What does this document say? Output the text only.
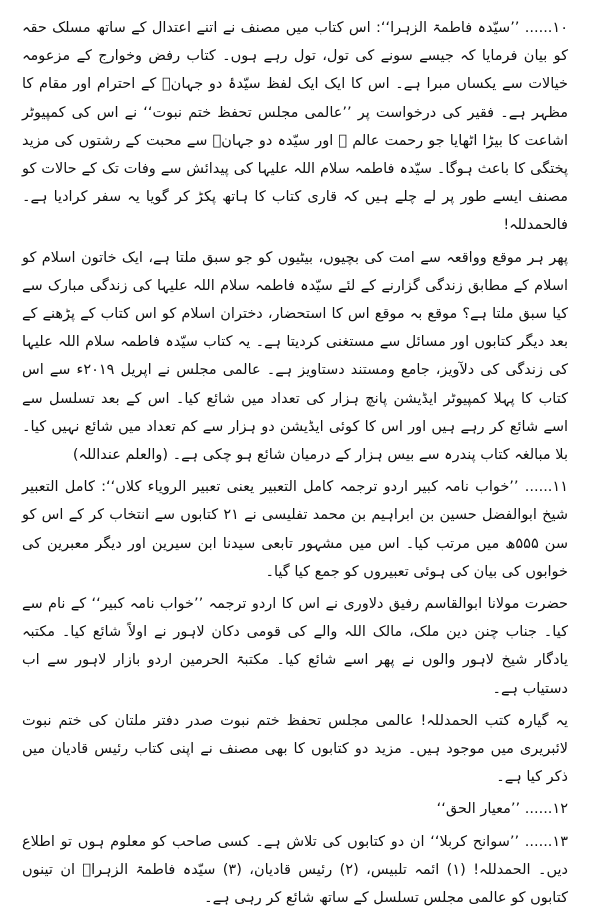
۱۰...... ’’سیّدہ فاطمۃ الزہرا‘‘: اس کتاب میں مصنف نے اتنے اعتدال کے ساتھ مسلک حقہ کو بیان فرمایا کہ جیسے سونے کی تول، تول رہے ہوں۔ کتاب رفض وخوارج کے مزعومہ خیالات سے یکساں مبرا ہے۔ اس کا ایک ایک لفظ سیّدۂ دو جہانؓ کے احترام اور مقام کا مظہر ہے۔ فقیر کی درخواست پر ’’عالمی مجلس تحفظ ختم نبوت‘‘ نے اس کی کمپیوٹر اشاعت کا بیڑا اٹھایا جو رحمت عالم ﷺ اور سیّدہ دو جہانؓ سے محبت کے رشتوں کی مزید پختگی کا باعث ہوگا۔ سیّدہ فاطمہ سلام اللہ علیہا کی پیدائش سے وفات تک کے حالات کو مصنف ایسے طور پر لے چلے ہیں کہ قاری کتاب کا ہاتھ پکڑ کر گویا یہ سفر کرادیا ہے۔ فالحمدللہ!

پھر ہر موقع وواقعہ سے امت کی بچیوں، بیٹیوں کو جو سبق ملتا ہے، ایک خاتون اسلام کو اسلام کے مطابق زندگی گزارنے کے لئے سیّدہ فاطمہ سلام اللہ علیہا کی زندگی مبارک سے کیا سبق ملتا ہے؟ موقع بہ موقع اس کا استحضار، دختران اسلام کو اس کتاب کے پڑھنے کے بعد دیگر کتابوں اور مسائل سے مستغنی کردیتا ہے۔ یہ کتاب سیّدہ فاطمہ سلام اللہ علیہا کی زندگی کی دلآویز، جامع ومستند دستاویز ہے۔ عالمی مجلس نے اپریل ۲۰۱۹ء سے اس کتاب کا پہلا کمپیوٹر ایڈیشن پانچ ہزار کی تعداد میں شائع کیا۔ اس کے بعد تسلسل سے اسے شائع کر رہے ہیں اور اس کا کوئی ایڈیشن دو ہزار سے کم تعداد میں شائع نہیں کیا۔ بلا مبالغہ کتاب پندرہ سے بیس ہزار کے درمیان شائع ہو چکی ہے۔ (والعلم عنداللہ)

۱۱...... ’’خواب نامہ کبیر اردو ترجمہ کامل التعبیر یعنی تعبیر الرویاء کلاں‘‘: کامل التعبیر شیخ ابوالفضل حسین بن ابراہیم بن محمد تفلیسی نے ۲۱ کتابوں سے انتخاب کر کے اس کو سن ۵۵۵ھ میں مرتب کیا۔ اس میں مشہور تابعی سیدنا ابن سیرین اور دیگر معبرین کی خوابوں کی بیان کی ہوئی تعبیروں کو جمع کیا گیا۔

حضرت مولانا ابوالقاسم رفیق دلاوری نے اس کا اردو ترجمہ ’’خواب نامہ کبیر‘‘ کے نام سے کیا۔ جناب چنن دین ملک، مالک اللہ والے کی قومی دکان لاہور نے اولاً شائع کیا۔ مکتبہ یادگار شیخ لاہور والوں نے پھر اسے شائع کیا۔ مکتبۃ الحرمین اردو بازار لاہور سے اب دستیاب ہے۔

یہ گیارہ کتب الحمدللہ! عالمی مجلس تحفظ ختم نبوت صدر دفتر ملتان کی ختم نبوت لائبریری میں موجود ہیں۔ مزید دو کتابوں کا بھی مصنف نے اپنی کتاب رئیس قادیان میں ذکر کیا ہے۔

۱۲...... ’’معیار الحق‘‘

۱۳...... ’’سوانح کربلا‘‘ ان دو کتابوں کی تلاش ہے۔ کسی صاحب کو معلوم ہوں تو اطلاع دیں۔ الحمدللہ! (۱) ائمہ تلبیس، (۲) رئیس قادیان، (۳) سیّدہ فاطمۃ الزہراؓ ان تینوں کتابوں کو عالمی مجلس تسلسل کے ساتھ شائع کر رہی ہے۔
